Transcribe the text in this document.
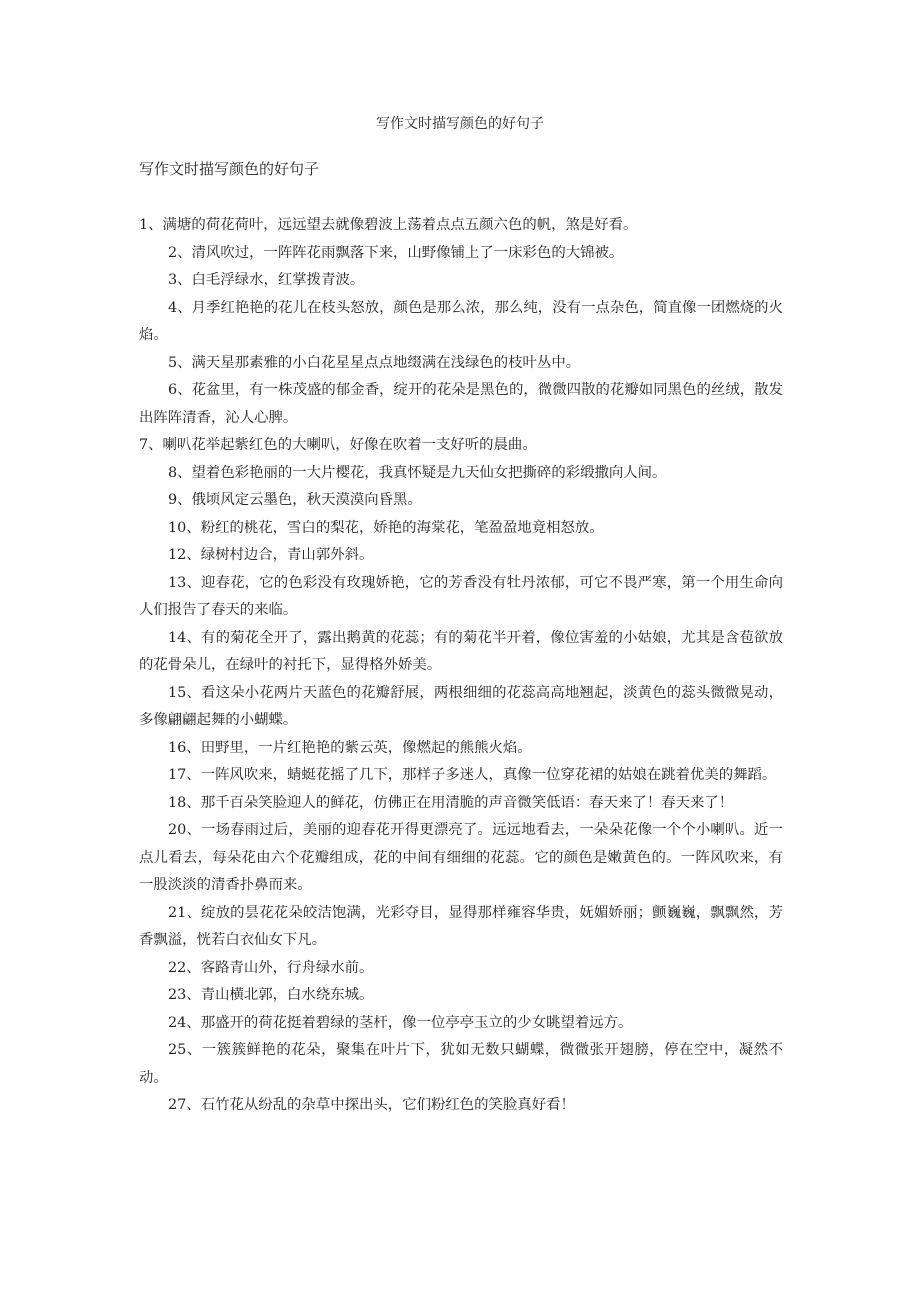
写作文时描写颜色的好句子
写作文时描写颜色的好句子

1、满塘的荷花荷叶，远远望去就像碧波上荡着点点五颜六色的帆，煞是好看。

2、清风吹过，一阵阵花雨飘落下来，山野像铺上了一床彩色的大锦被。

3、白毛浮绿水，红掌拨青波。

4、月季红艳艳的花儿在枝头怒放，颜色是那么浓，那么纯，没有一点杂色，简直像一团燃烧的火焰。

5、满天星那素雅的小白花星星点点地缀满在浅绿色的枝叶丛中。

6、花盆里，有一株茂盛的郁金香，绽开的花朵是黑色的，微微四散的花瓣如同黑色的丝绒，散发出阵阵清香，沁人心脾。

7、喇叭花举起紫红色的大喇叭，好像在吹着一支好听的晨曲。

8、望着色彩艳丽的一大片樱花，我真怀疑是九天仙女把撕碎的彩缎撒向人间。

9、俄顷风定云墨色，秋天漠漠向昏黑。

10、粉红的桃花，雪白的梨花，娇艳的海棠花，笔盈盈地竟相怒放。

12、绿树村边合，青山郭外斜。

13、迎春花，它的色彩没有玫瑰娇艳，它的芳香没有牡丹浓郁，可它不畏严寒，第一个用生命向人们报告了春天的来临。

14、有的菊花全开了，露出鹅黄的花蕊；有的菊花半开着，像位害羞的小姑娘，尤其是含苞欲放的花骨朵儿，在绿叶的衬托下，显得格外娇美。

15、看这朵小花两片天蓝色的花瓣舒展，两根细细的花蕊高高地翘起，淡黄色的蕊头微微晃动，多像翩翩起舞的小蝴蝶。

16、田野里，一片红艳艳的紫云英，像燃起的熊熊火焰。

17、一阵风吹来，蜻蜓花摇了几下，那样子多迷人，真像一位穿花裙的姑娘在跳着优美的舞蹈。

18、那千百朵笑脸迎人的鲜花，仿佛正在用清脆的声音微笑低语：春天来了！春天来了！

20、一场春雨过后，美丽的迎春花开得更漂亮了。远远地看去，一朵朵花像一个个小喇叭。近一点儿看去，每朵花由六个花瓣组成，花的中间有细细的花蕊。它的颜色是嫩黄色的。一阵风吹来，有一股淡淡的清香扑鼻而来。

21、绽放的昙花花朵皎洁饱满，光彩夺目，显得那样雍容华贵，妩媚娇丽；颤巍巍，飘飘然，芳香飘溢，恍若白衣仙女下凡。

22、客路青山外，行舟绿水前。

23、青山横北郭，白水绕东城。

24、那盛开的荷花挺着碧绿的茎杆，像一位亭亭玉立的少女眺望着远方。

25、一簇簇鲜艳的花朵，聚集在叶片下，犹如无数只蝴蝶，微微张开翅膀，停在空中，凝然不动。

27、石竹花从纷乱的杂草中探出头，它们粉红色的笑脸真好看！
